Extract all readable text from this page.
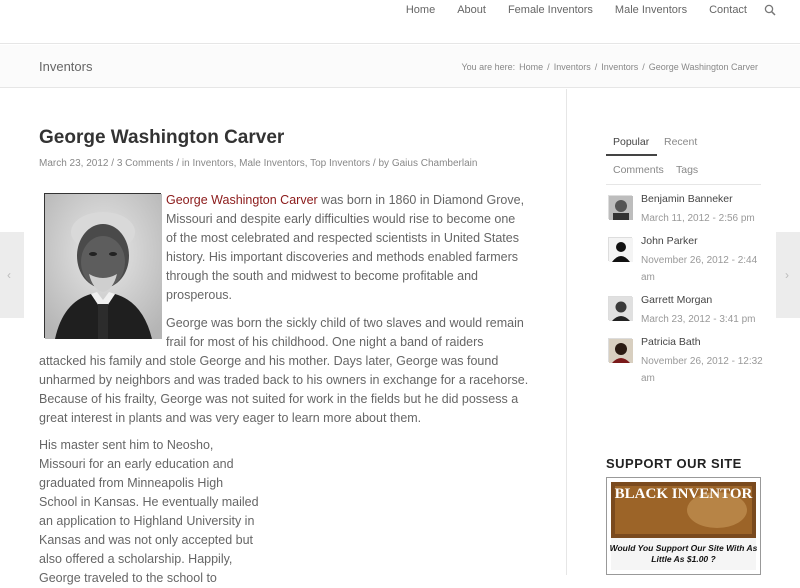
Home	About	Female Inventors	Male Inventors	Contact
Inventors	You are here: Home / Inventors / Inventors / George Washington Carver
‹	›
George Washington Carver
March 23, 2012 / 3 Comments / in Inventors, Male Inventors, Top Inventors / by Gaius Chamberlain

George Washington Carver was born in 1860 in Diamond Grove, Missouri and despite early difficulties would rise to become one of the most celebrated and respected scientists in United States history. His important discoveries and methods enabled farmers through the south and midwest to become profitable and prosperous.

George was born the sickly child of two slaves and would remain frail for most of his childhood. One night a band of raiders

attacked his family and stole George and his mother. Days later, George was found unharmed by neighbors and was traded back to his owners in exchange for a racehorse. Because of his frailty, George was not suited for work in the fields but he did possess a great interest in plants and was very eager to learn more about them.

His master sent him to Neosho, Missouri for an early education and graduated from Minneapolis High School in Kansas. He eventually mailed an application to Highland University in Kansas and was not only accepted but also offered a scholarship. Happily, George traveled to the school to

Popular Recent
Comments Tags
Benjamin Banneker
March 11, 2012 - 2:56 pm
John Parker
November 26, 2012 - 2:44 am
Garrett Morgan
March 23, 2012 - 3:41 pm
Patricia Bath
November 26, 2012 - 12:32 am
SUPPORT OUR SITE
BLACK INVENTOR
Would You Support Our Site With As Little As $1.00 ?
